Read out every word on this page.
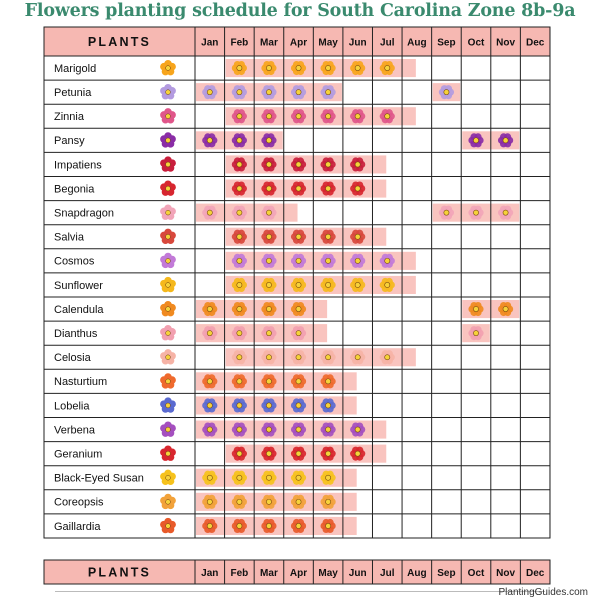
Flowers planting schedule for South Carolina Zone 8b-9a
Marigold
Petunia
Zinnia
Pansy
Impatiens
Begonia
Snapdragon
Salvia
Cosmos
Sunflower
Calendula
Dianthus
Celosia
Nasturtium
Lobelia
Verbena
Geranium
Black-Eyed Susan
Coreopsis
Gaillardia
PLANTS	Jan Feb Mar Apr May Jun Jul Aug Sep Oct Nov Dec
PLANTS	Jan Feb Mar Apr May Jun Jul Aug Sep Oct Nov Dec
PlantingGuides.com
